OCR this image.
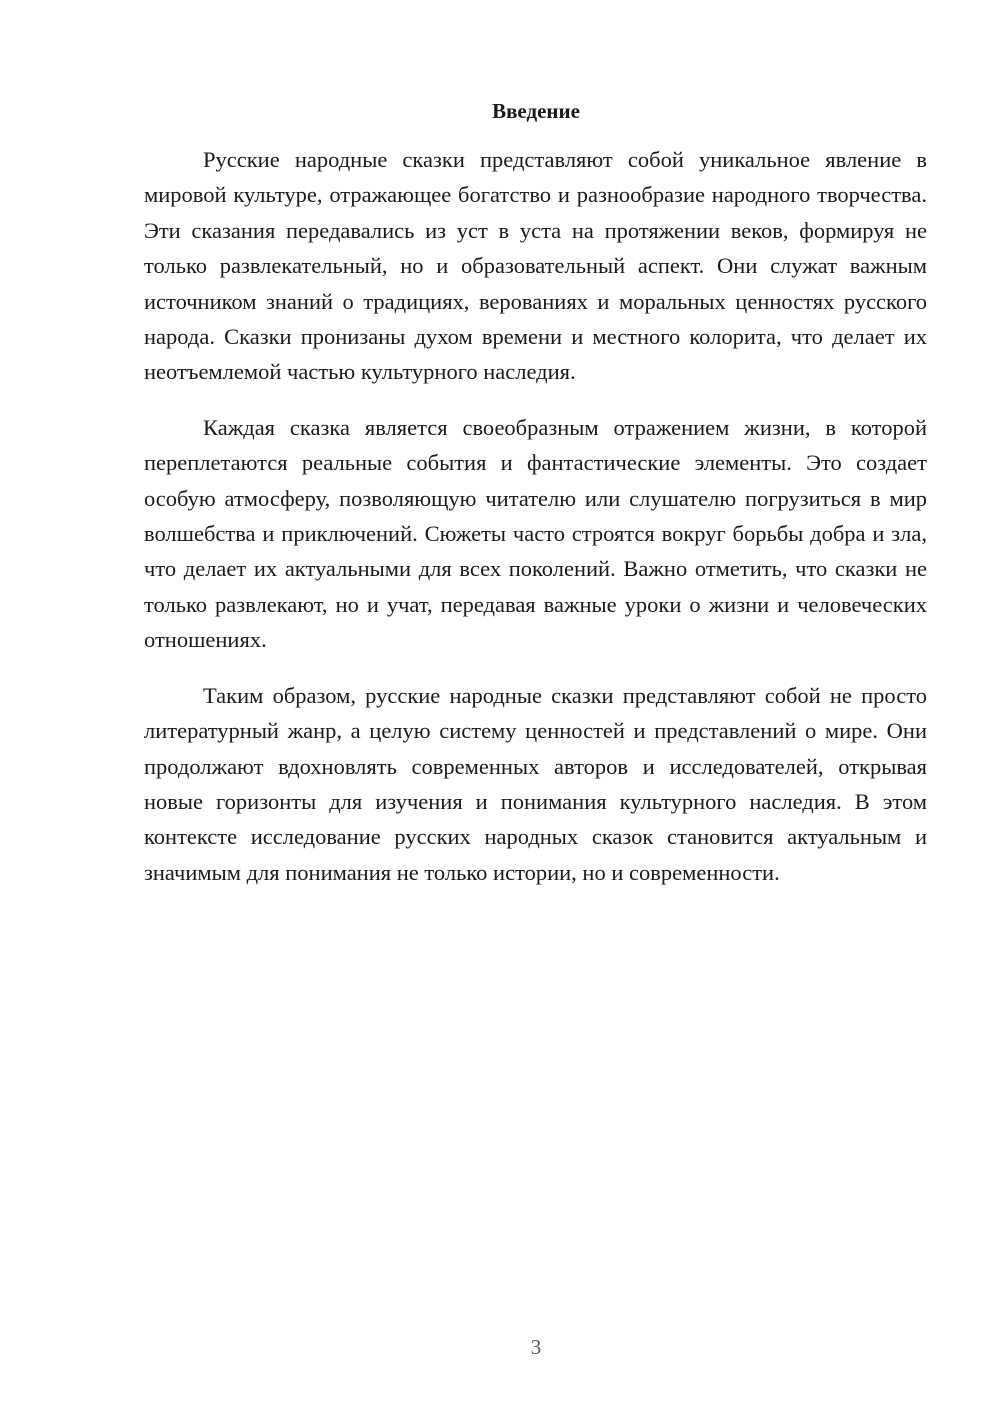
Введение

Русские народные сказки представляют собой уникальное явление в мировой культуре, отражающее богатство и разнообразие народного творчества. Эти сказания передавались из уст в уста на протяжении веков, формируя не только развлекательный, но и образовательный аспект. Они служат важным источником знаний о традициях, верованиях и моральных ценностях русского народа. Сказки пронизаны духом времени и местного колорита, что делает их неотъемлемой частью культурного наследия.

Каждая сказка является своеобразным отражением жизни, в которой переплетаются реальные события и фантастические элементы. Это создает особую атмосферу, позволяющую читателю или слушателю погрузиться в мир волшебства и приключений. Сюжеты часто строятся вокруг борьбы добра и зла, что делает их актуальными для всех поколений. Важно отметить, что сказки не только развлекают, но и учат, передавая важные уроки о жизни и человеческих отношениях.

Таким образом, русские народные сказки представляют собой не просто литературный жанр, а целую систему ценностей и представлений о мире. Они продолжают вдохновлять современных авторов и исследователей, открывая новые горизонты для изучения и понимания культурного наследия. В этом контексте исследование русских народных сказок становится актуальным и значимым для понимания не только истории, но и современности.

3
